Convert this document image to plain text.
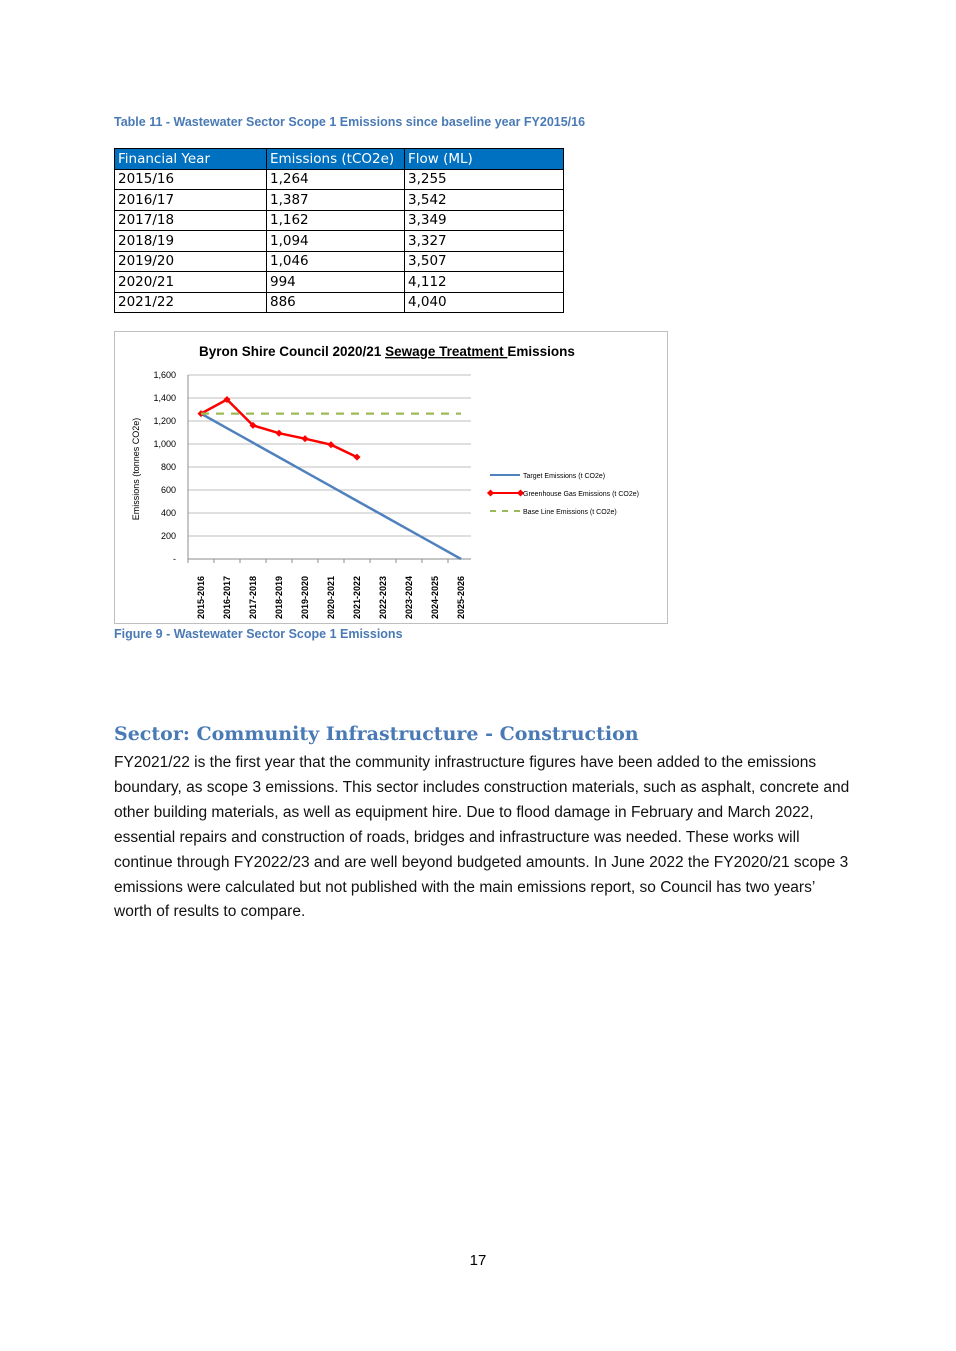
Table 11 - Wastewater Sector Scope 1 Emissions since baseline year FY2015/16
Financial Year	Emissions (tCO2e)	Flow (ML)
2015/16	1,264	3,255
2016/17	1,387	3,542
2017/18	1,162	3,349
2018/19	1,094	3,327
2019/20	1,046	3,507
2020/21	994	4,112
2021/22	886	4,040
Byron Shire Council 2020/21 Sewage Treatment Emissions
Emissions (tonnes CO2e)
1,600
1,400
1,200
1,000
800
600
400
200
-
2015-2016 2016-2017 2017-2018 2018-2019 2019-2020 2020-2021 2021-2022 2022-2023 2023-2024 2024-2025 2025-2026
Target Emissions (t CO2e)
Greenhouse Gas Emissions (t CO2e)
Base Line Emissions (t CO2e)
Figure 9 - Wastewater Sector Scope 1 Emissions
Sector: Community Infrastructure - Construction
FY2021/22 is the first year that the community infrastructure figures have been added to the emissions boundary, as scope 3 emissions. This sector includes construction materials, such as asphalt, concrete and other building materials, as well as equipment hire. Due to flood damage in February and March 2022, essential repairs and construction of roads, bridges and infrastructure was needed. These works will continue through FY2022/23 and are well beyond budgeted amounts. In June 2022 the FY2020/21 scope 3 emissions were calculated but not published with the main emissions report, so Council has two years’ worth of results to compare.
17
